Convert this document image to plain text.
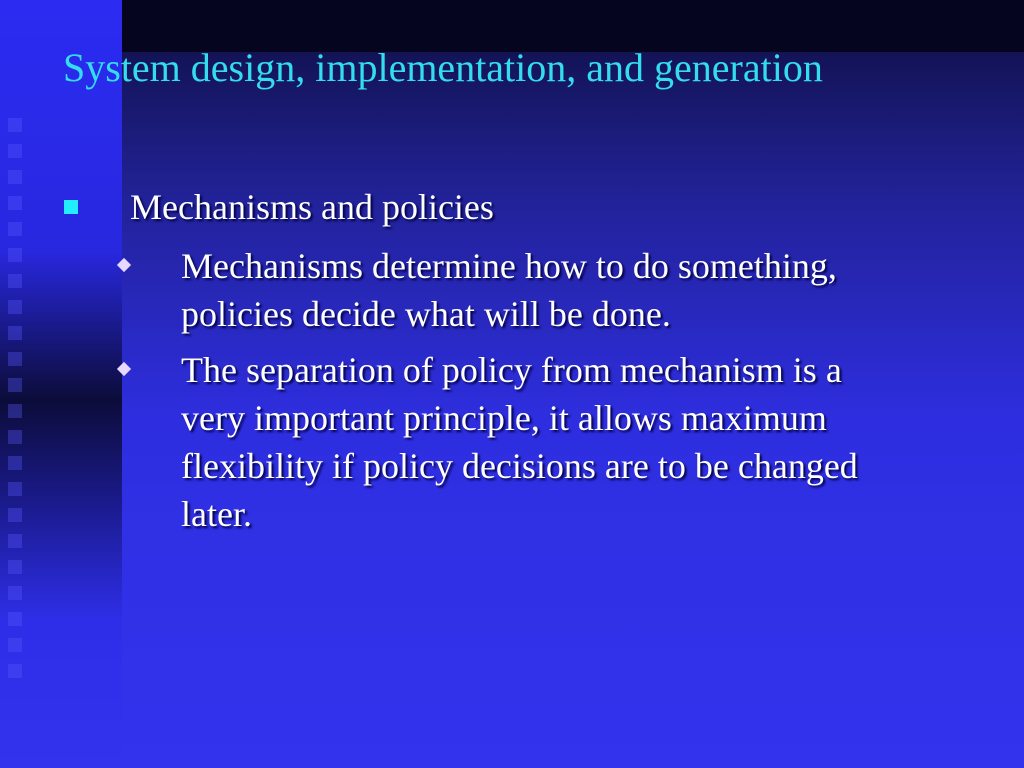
System design, implementation, and generation
Mechanisms and policies
Mechanisms determine how to do something,
policies decide what will be done.
The separation of policy from mechanism is a
very important principle, it allows maximum
flexibility if policy decisions are to be changed
later.
